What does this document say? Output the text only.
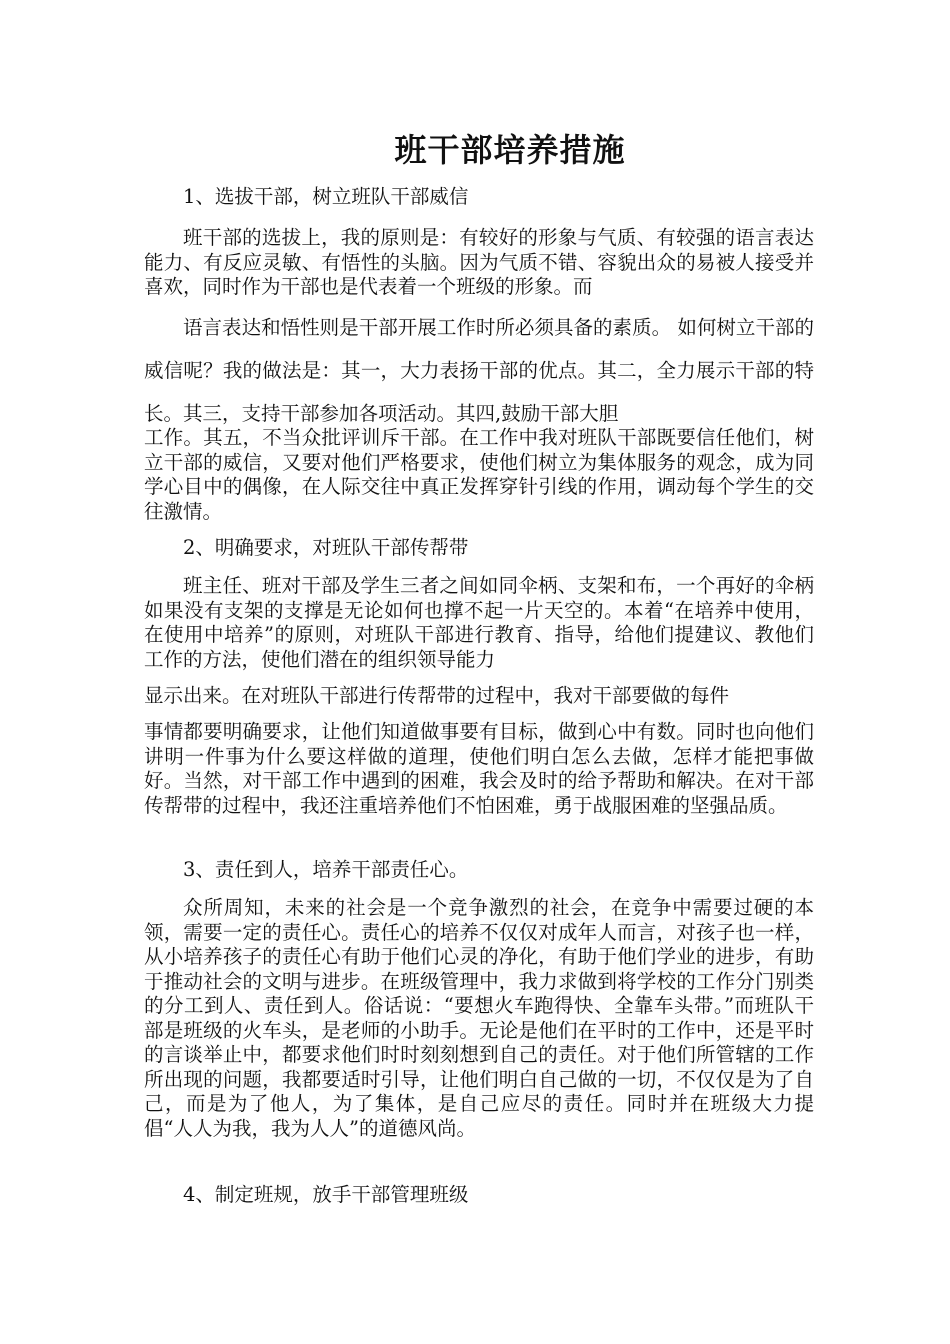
班干部培养措施

1、选拔干部，树立班队干部威信

班干部的选拔上，我的原则是：有较好的形象与气质、有较强的语言表达能力、有反应灵敏、有悟性的头脑。因为气质不错、容貌出众的易被人接受并喜欢，同时作为干部也是代表着一个班级的形象。而

语言表达和悟性则是干部开展工作时所必须具备的素质。 如何树立干部的威信呢？我的做法是：其一，大力表扬干部的优点。其二，全力展示干部的特长。其三，支持干部参加各项活动。其四,鼓励干部大胆

工作。其五，不当众批评训斥干部。在工作中我对班队干部既要信任他们，树立干部的威信，又要对他们严格要求，使他们树立为集体服务的观念，成为同学心目中的偶像，在人际交往中真正发挥穿针引线的作用，调动每个学生的交往激情。

2、明确要求，对班队干部传帮带

班主任、班对干部及学生三者之间如同伞柄、支架和布，一个再好的伞柄如果没有支架的支撑是无论如何也撑不起一片天空的。本着“在培养中使用，在使用中培养”的原则，对班队干部进行教育、指导，给他们提建议、教他们工作的方法，使他们潜在的组织领导能力

显示出来。在对班队干部进行传帮带的过程中，我对干部要做的每件

事情都要明确要求，让他们知道做事要有目标，做到心中有数。同时也向他们讲明一件事为什么要这样做的道理，使他们明白怎么去做，怎样才能把事做好。当然，对干部工作中遇到的困难，我会及时的给予帮助和解决。在对干部传帮带的过程中，我还注重培养他们不怕困难，勇于战服困难的坚强品质。

3、责任到人，培养干部责任心。

众所周知，未来的社会是一个竞争激烈的社会，在竞争中需要过硬的本领，需要一定的责任心。责任心的培养不仅仅对成年人而言，对孩子也一样，从小培养孩子的责任心有助于他们心灵的净化，有助于他们学业的进步，有助于推动社会的文明与进步。在班级管理中，我力求做到将学校的工作分门别类的分工到人、责任到人。俗话说：“要想火车跑得快、全靠车头带。”而班队干部是班级的火车头，是老师的小助手。无论是他们在平时的工作中，还是平时的言谈举止中，都要求他们时时刻刻想到自己的责任。对于他们所管辖的工作所出现的问题，我都要适时引导，让他们明白自己做的一切，不仅仅是为了自己，而是为了他人，为了集体，是自己应尽的责任。同时并在班级大力提倡“人人为我，我为人人”的道德风尚。

4、制定班规，放手干部管理班级
